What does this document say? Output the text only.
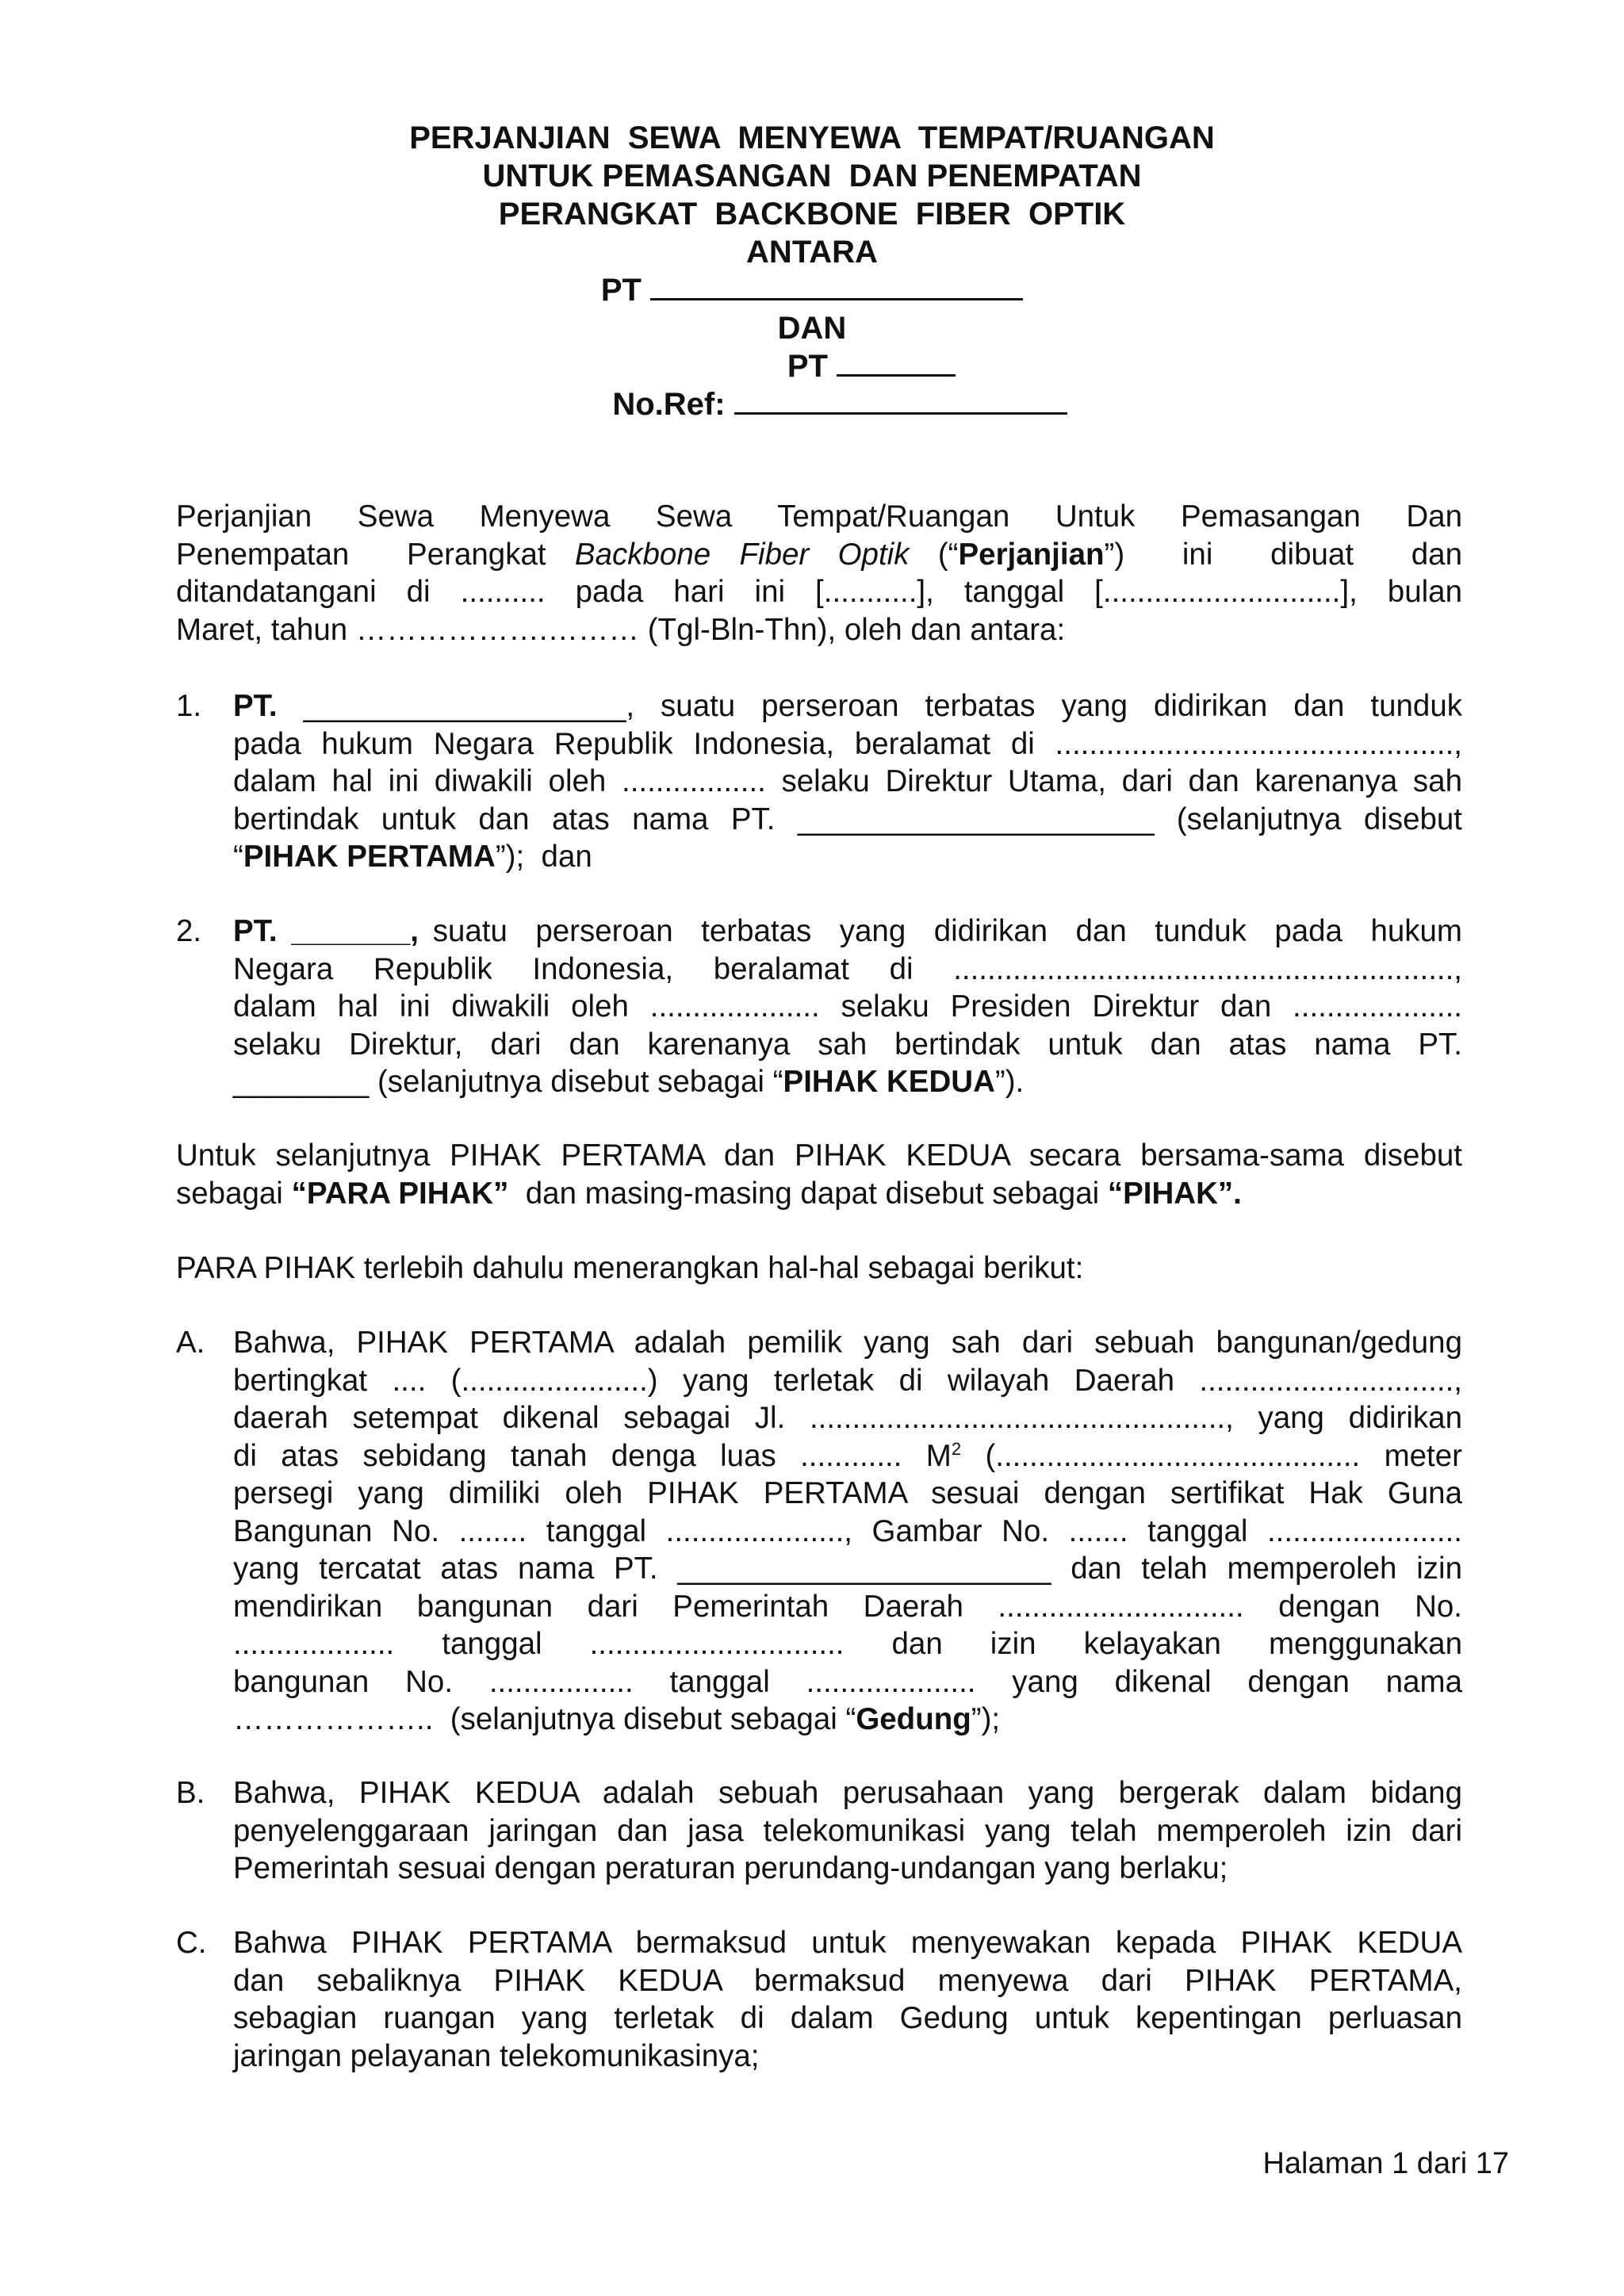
PERJANJIAN  SEWA  MENYEWA  TEMPAT/RUANGAN
UNTUK PEMASANGAN  DAN PENEMPATAN
PERANGKAT  BACKBONE  FIBER  OPTIK
ANTARA
PT
DAN
PT
No.Ref:
Perjanjian Sewa Menyewa Sewa Tempat/Ruangan Untuk Pemasangan Dan
Penempatan  Perangkat Backbone Fiber Optik (“Perjanjian”)  ini  dibuat  dan
ditandatangani di .......... pada hari ini [...........], tanggal [............................], bulan
Maret, tahun ……………….……… (Tgl-Bln-Thn), oleh dan antara:
1.	PT. ___________________, suatu perseroan terbatas yang didirikan dan tunduk
pada hukum Negara Republik Indonesia, beralamat di ...............................................,
dalam hal ini diwakili oleh ................. selaku Direktur Utama, dari dan karenanya sah
bertindak untuk dan atas nama PT. _____________________ (selanjutnya disebut
“PIHAK PERTAMA”);  dan
2.	PT. _______, suatu  perseroan  terbatas  yang  didirikan  dan  tunduk  pada  hukum
Negara Republik Indonesia, beralamat di ...........................................................,
dalam hal ini diwakili oleh .................... selaku Presiden Direktur dan ....................
selaku Direktur, dari dan karenanya sah bertindak untuk dan atas nama PT.
________ (selanjutnya disebut sebagai “PIHAK KEDUA”).
Untuk selanjutnya PIHAK PERTAMA dan PIHAK KEDUA secara bersama-sama disebut
sebagai “PARA PIHAK”  dan masing-masing dapat disebut sebagai “PIHAK”.
PARA PIHAK terlebih dahulu menerangkan hal-hal sebagai berikut:
A. Bahwa, PIHAK PERTAMA adalah pemilik yang sah dari sebuah bangunan/gedung
bertingkat .... (......................) yang terletak di wilayah Daerah ..............................,
daerah setempat dikenal sebagai Jl. ................................................., yang didirikan
di  atas  sebidang  tanah  denga  luas  ............  $M^2$  (...........................................  meter
persegi yang dimiliki oleh PIHAK PERTAMA sesuai dengan sertifikat Hak Guna
Bangunan No. ........ tanggal ....................., Gambar No. ....... tanggal .......................
yang tercatat atas nama PT. ______________________ dan telah memperoleh izin
mendirikan bangunan dari Pemerintah Daerah ............................. dengan No.
................... tanggal .............................. dan izin kelayakan menggunakan
bangunan No. ................. tanggal .................... yang dikenal dengan nama
………………..  (selanjutnya disebut sebagai “Gedung”);
B. Bahwa, PIHAK KEDUA adalah sebuah perusahaan yang bergerak dalam bidang
penyelenggaraan jaringan dan jasa telekomunikasi yang telah memperoleh izin dari
Pemerintah sesuai dengan peraturan perundang-undangan yang berlaku;
C. Bahwa PIHAK PERTAMA bermaksud untuk menyewakan kepada PIHAK KEDUA
dan sebaliknya PIHAK KEDUA bermaksud menyewa dari PIHAK PERTAMA,
sebagian ruangan yang terletak di dalam Gedung untuk kepentingan perluasan
jaringan pelayanan telekomunikasinya;
Halaman 1 dari 17
